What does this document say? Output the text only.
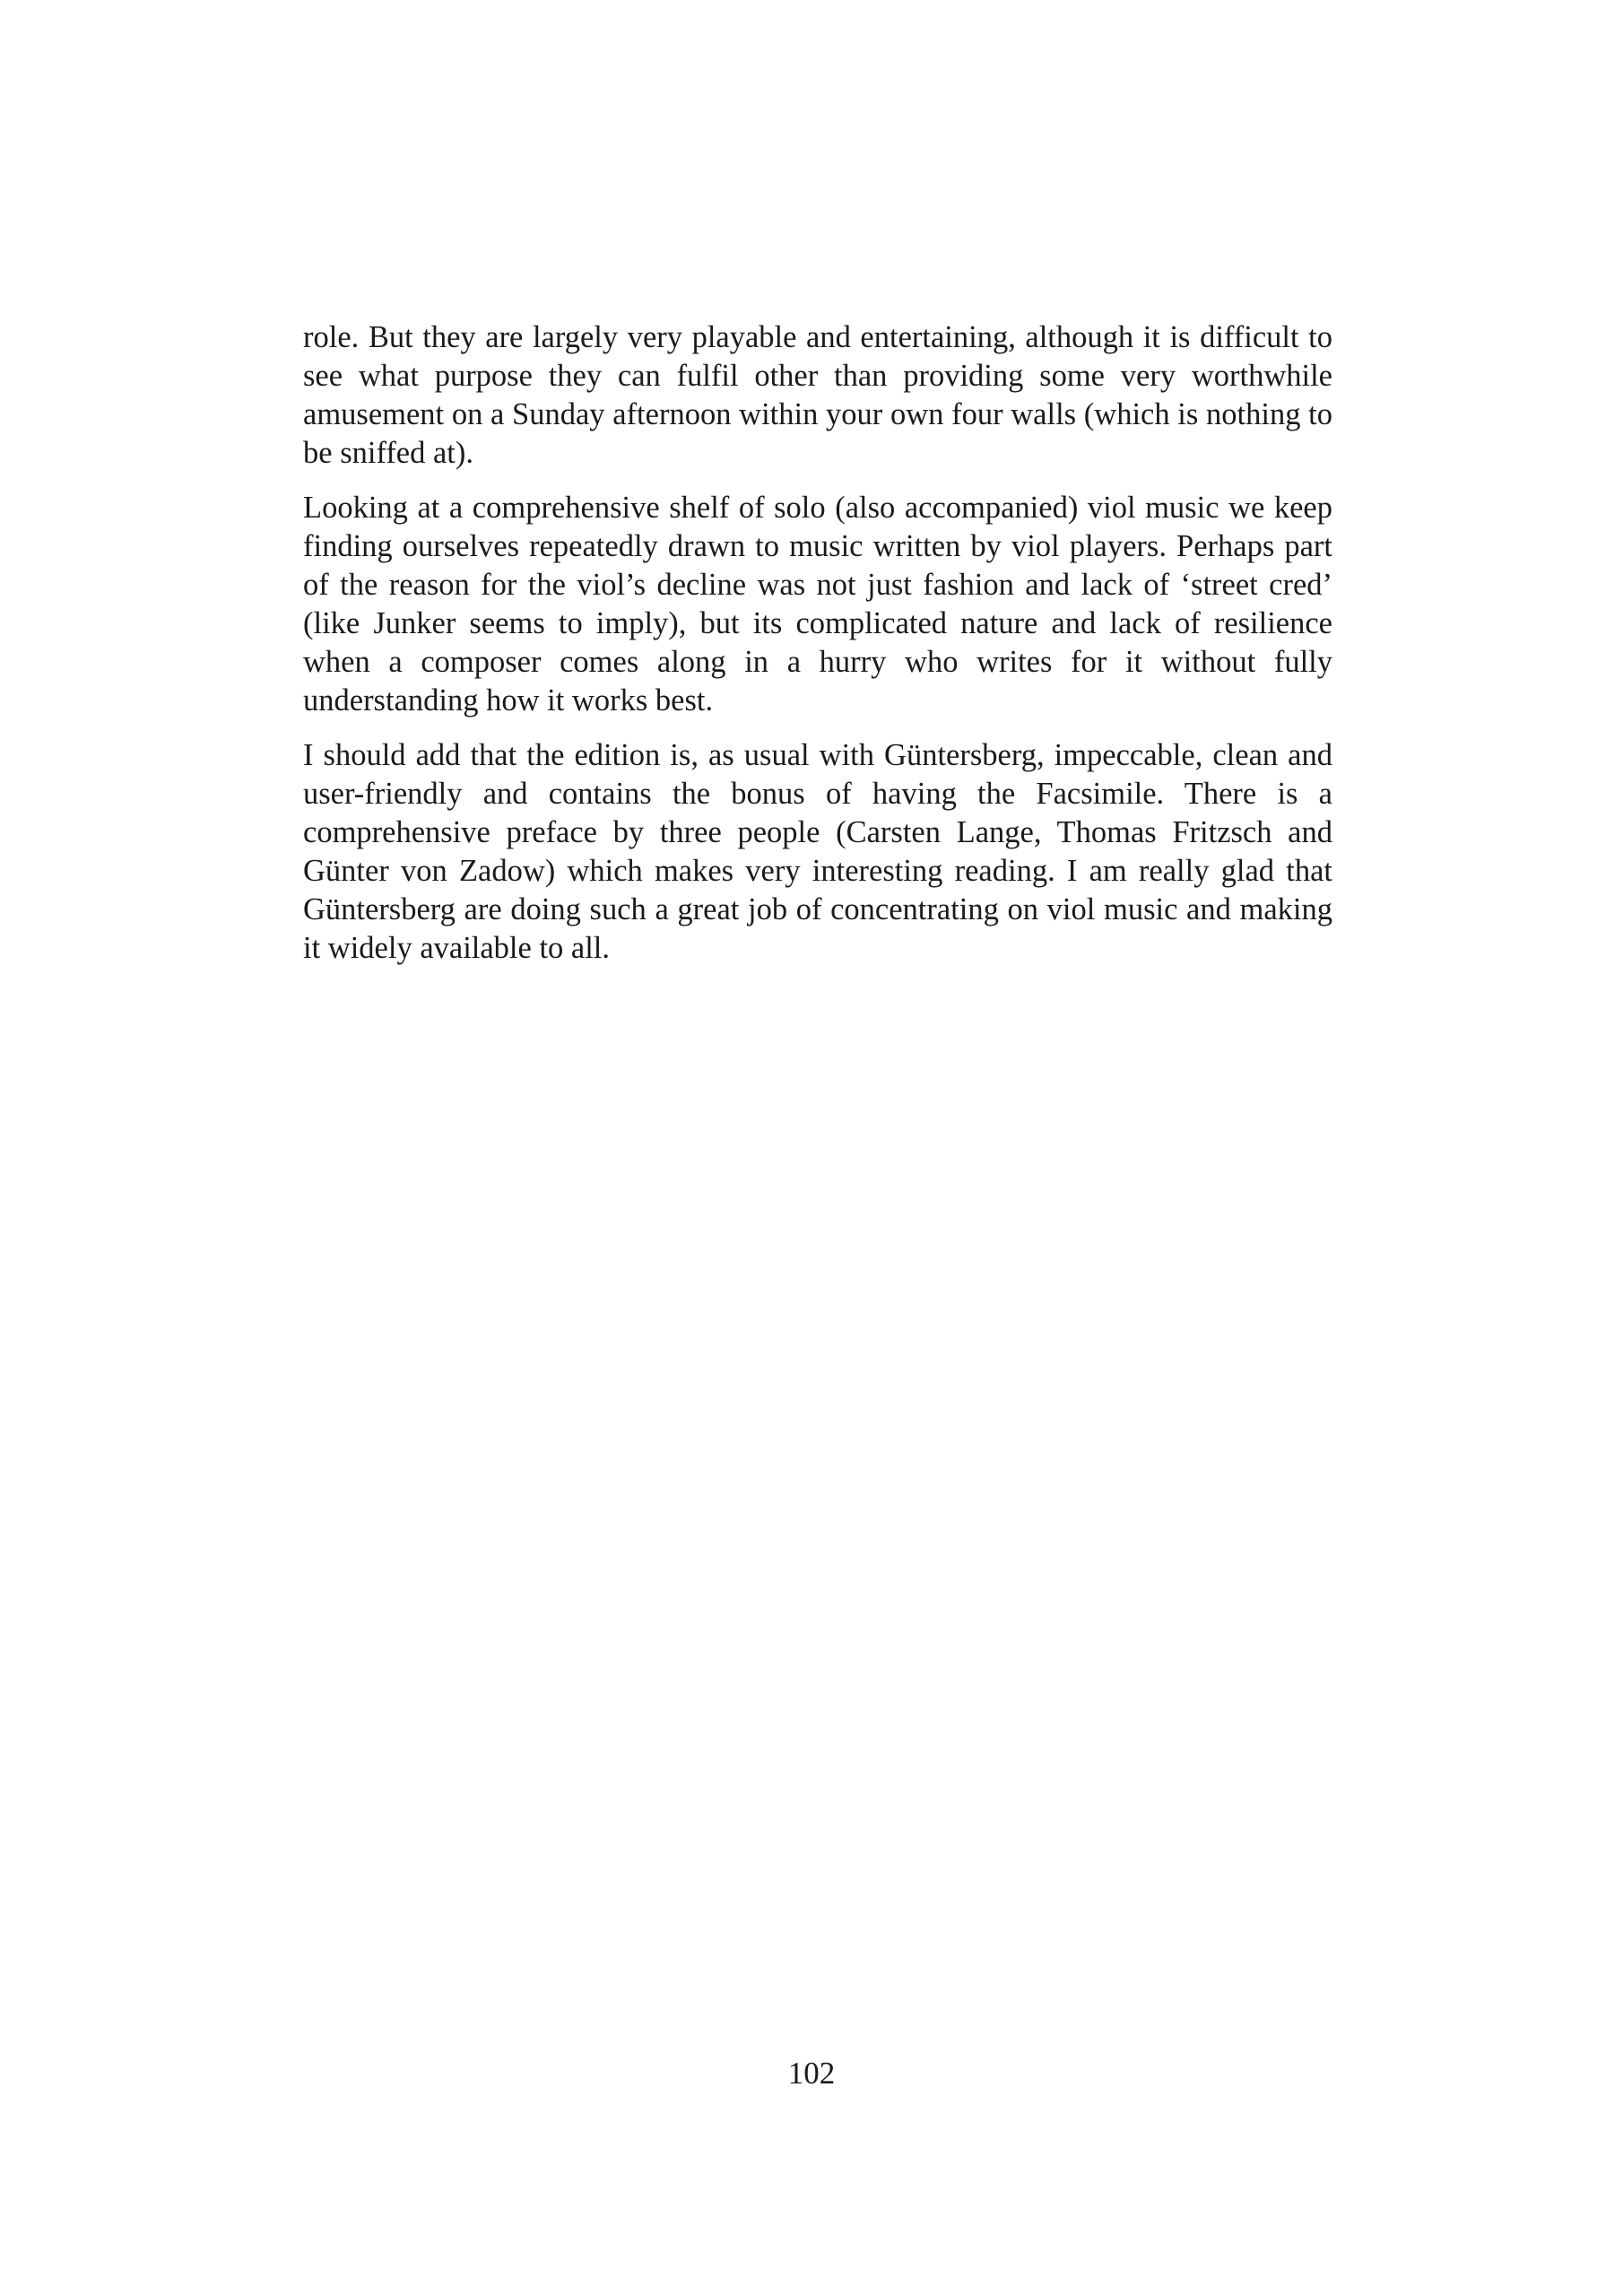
role. But they are largely very playable and entertaining, although it is difficult to see what purpose they can fulfil other than providing some very worthwhile amusement on a Sunday afternoon within your own four walls (which is nothing to be sniffed at).

Looking at a comprehensive shelf of solo (also accompanied) viol music we keep finding ourselves repeatedly drawn to music written by viol players. Perhaps part of the reason for the viol’s decline was not just fashion and lack of ‘street cred’ (like Junker seems to imply), but its complicated nature and lack of resilience when a composer comes along in a hurry who writes for it without fully understanding how it works best.

I should add that the edition is, as usual with Güntersberg, impeccable, clean and user-friendly and contains the bonus of having the Facsimile. There is a comprehensive preface by three people (Carsten Lange, Thomas Fritzsch and Günter von Zadow) which makes very interesting reading. I am really glad that Güntersberg are doing such a great job of concentrating on viol music and making it widely available to all.

102
